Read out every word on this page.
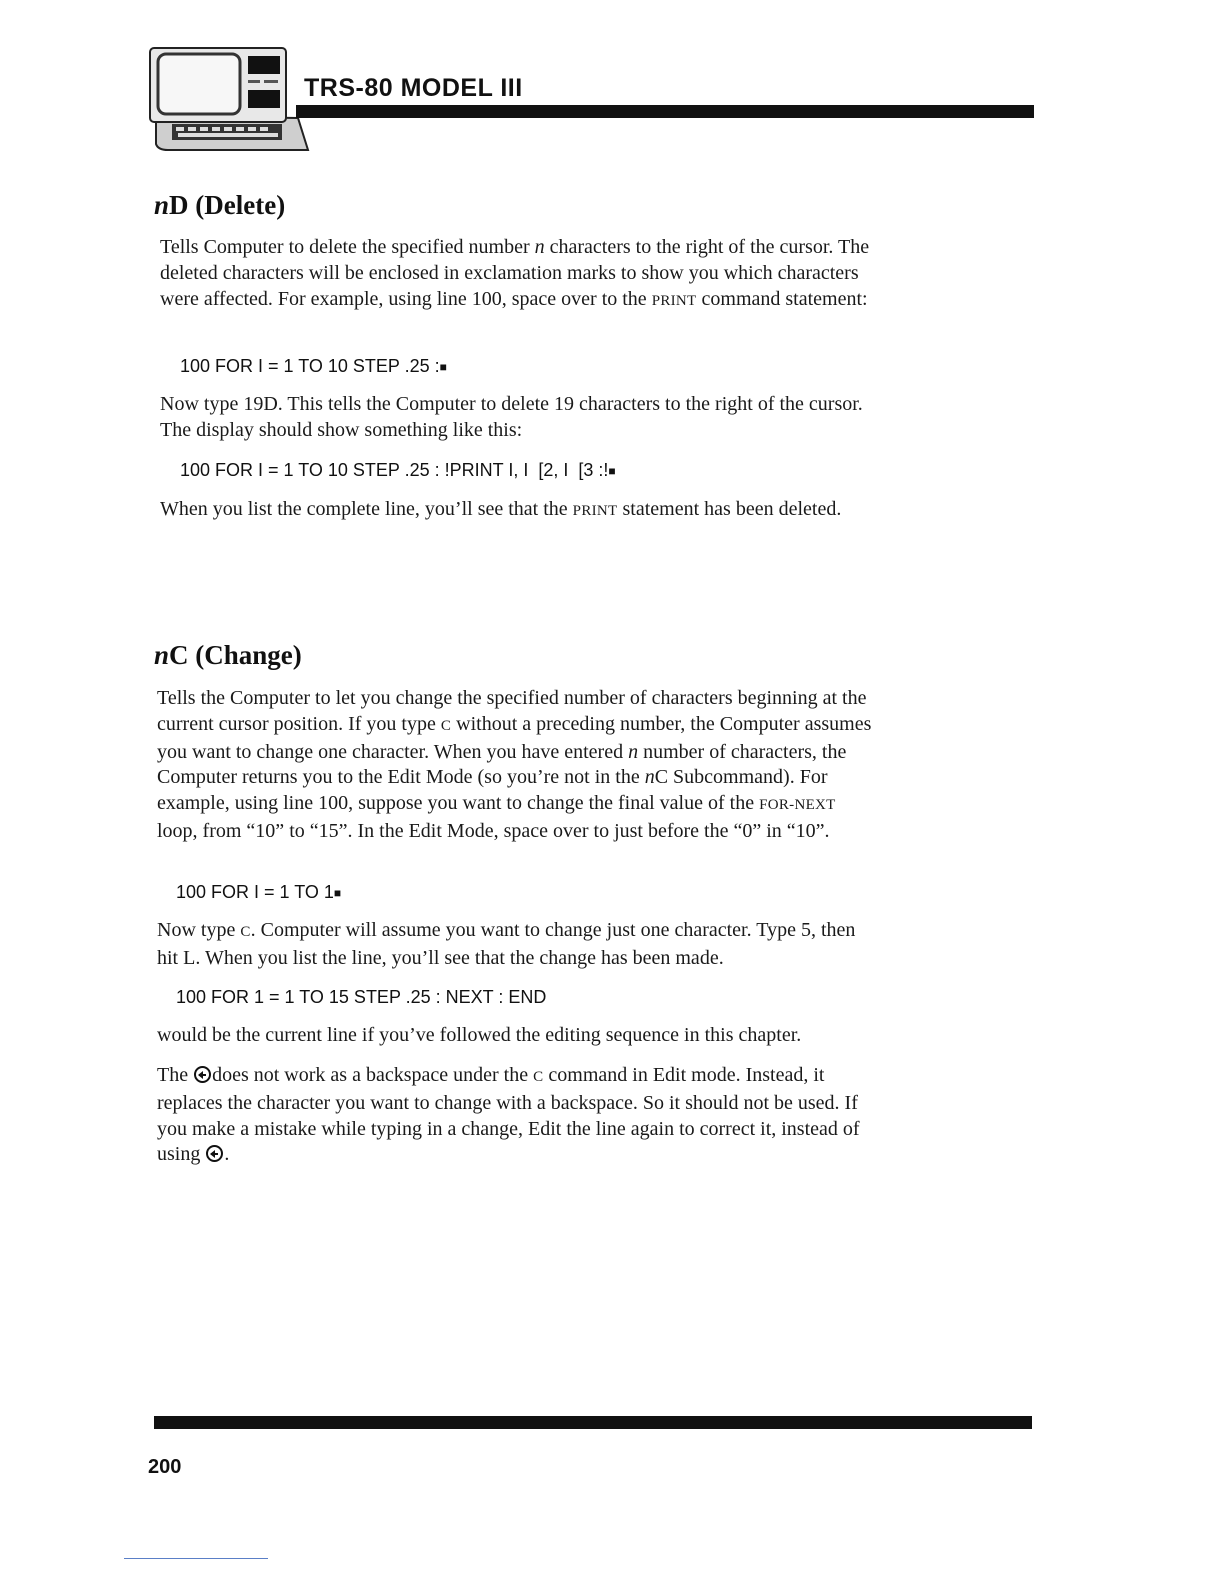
TRS-80 MODEL III
nD (Delete)

Tells Computer to delete the specified number n characters to the right of the cursor. The deleted characters will be enclosed in exclamation marks to show you which characters were affected. For example, using line 100, space over to the PRINT command statement:

100 FOR I = 1 TO 10 STEP .25 :■

Now type 19D. This tells the Computer to delete 19 characters to the right of the cursor. The display should show something like this:

100 FOR I = 1 TO 10 STEP .25 : !PRINT I, I  [2, I  [3 :!■

When you list the complete line, you’ll see that the PRINT statement has been deleted.

nC (Change)

Tells the Computer to let you change the specified number of characters beginning at the current cursor position. If you type C without a preceding number, the Computer assumes you want to change one character. When you have entered n number of characters, the Computer returns you to the Edit Mode (so you’re not in the nC Subcommand). For example, using line 100, suppose you want to change the final value of the FOR-NEXT loop, from “10” to “15”. In the Edit Mode, space over to just before the “0” in “10”.

100 FOR I = 1 TO 1■

Now type C. Computer will assume you want to change just one character. Type 5, then hit L. When you list the line, you’ll see that the change has been made.

100 FOR 1 = 1 TO 15 STEP .25 : NEXT : END

would be the current line if you’ve followed the editing sequence in this chapter.

The does not work as a backspace under the C command in Edit mode. Instead, it replaces the character you want to change with a backspace. So it should not be used. If you make a mistake while typing in a change, Edit the line again to correct it, instead of using .

200
